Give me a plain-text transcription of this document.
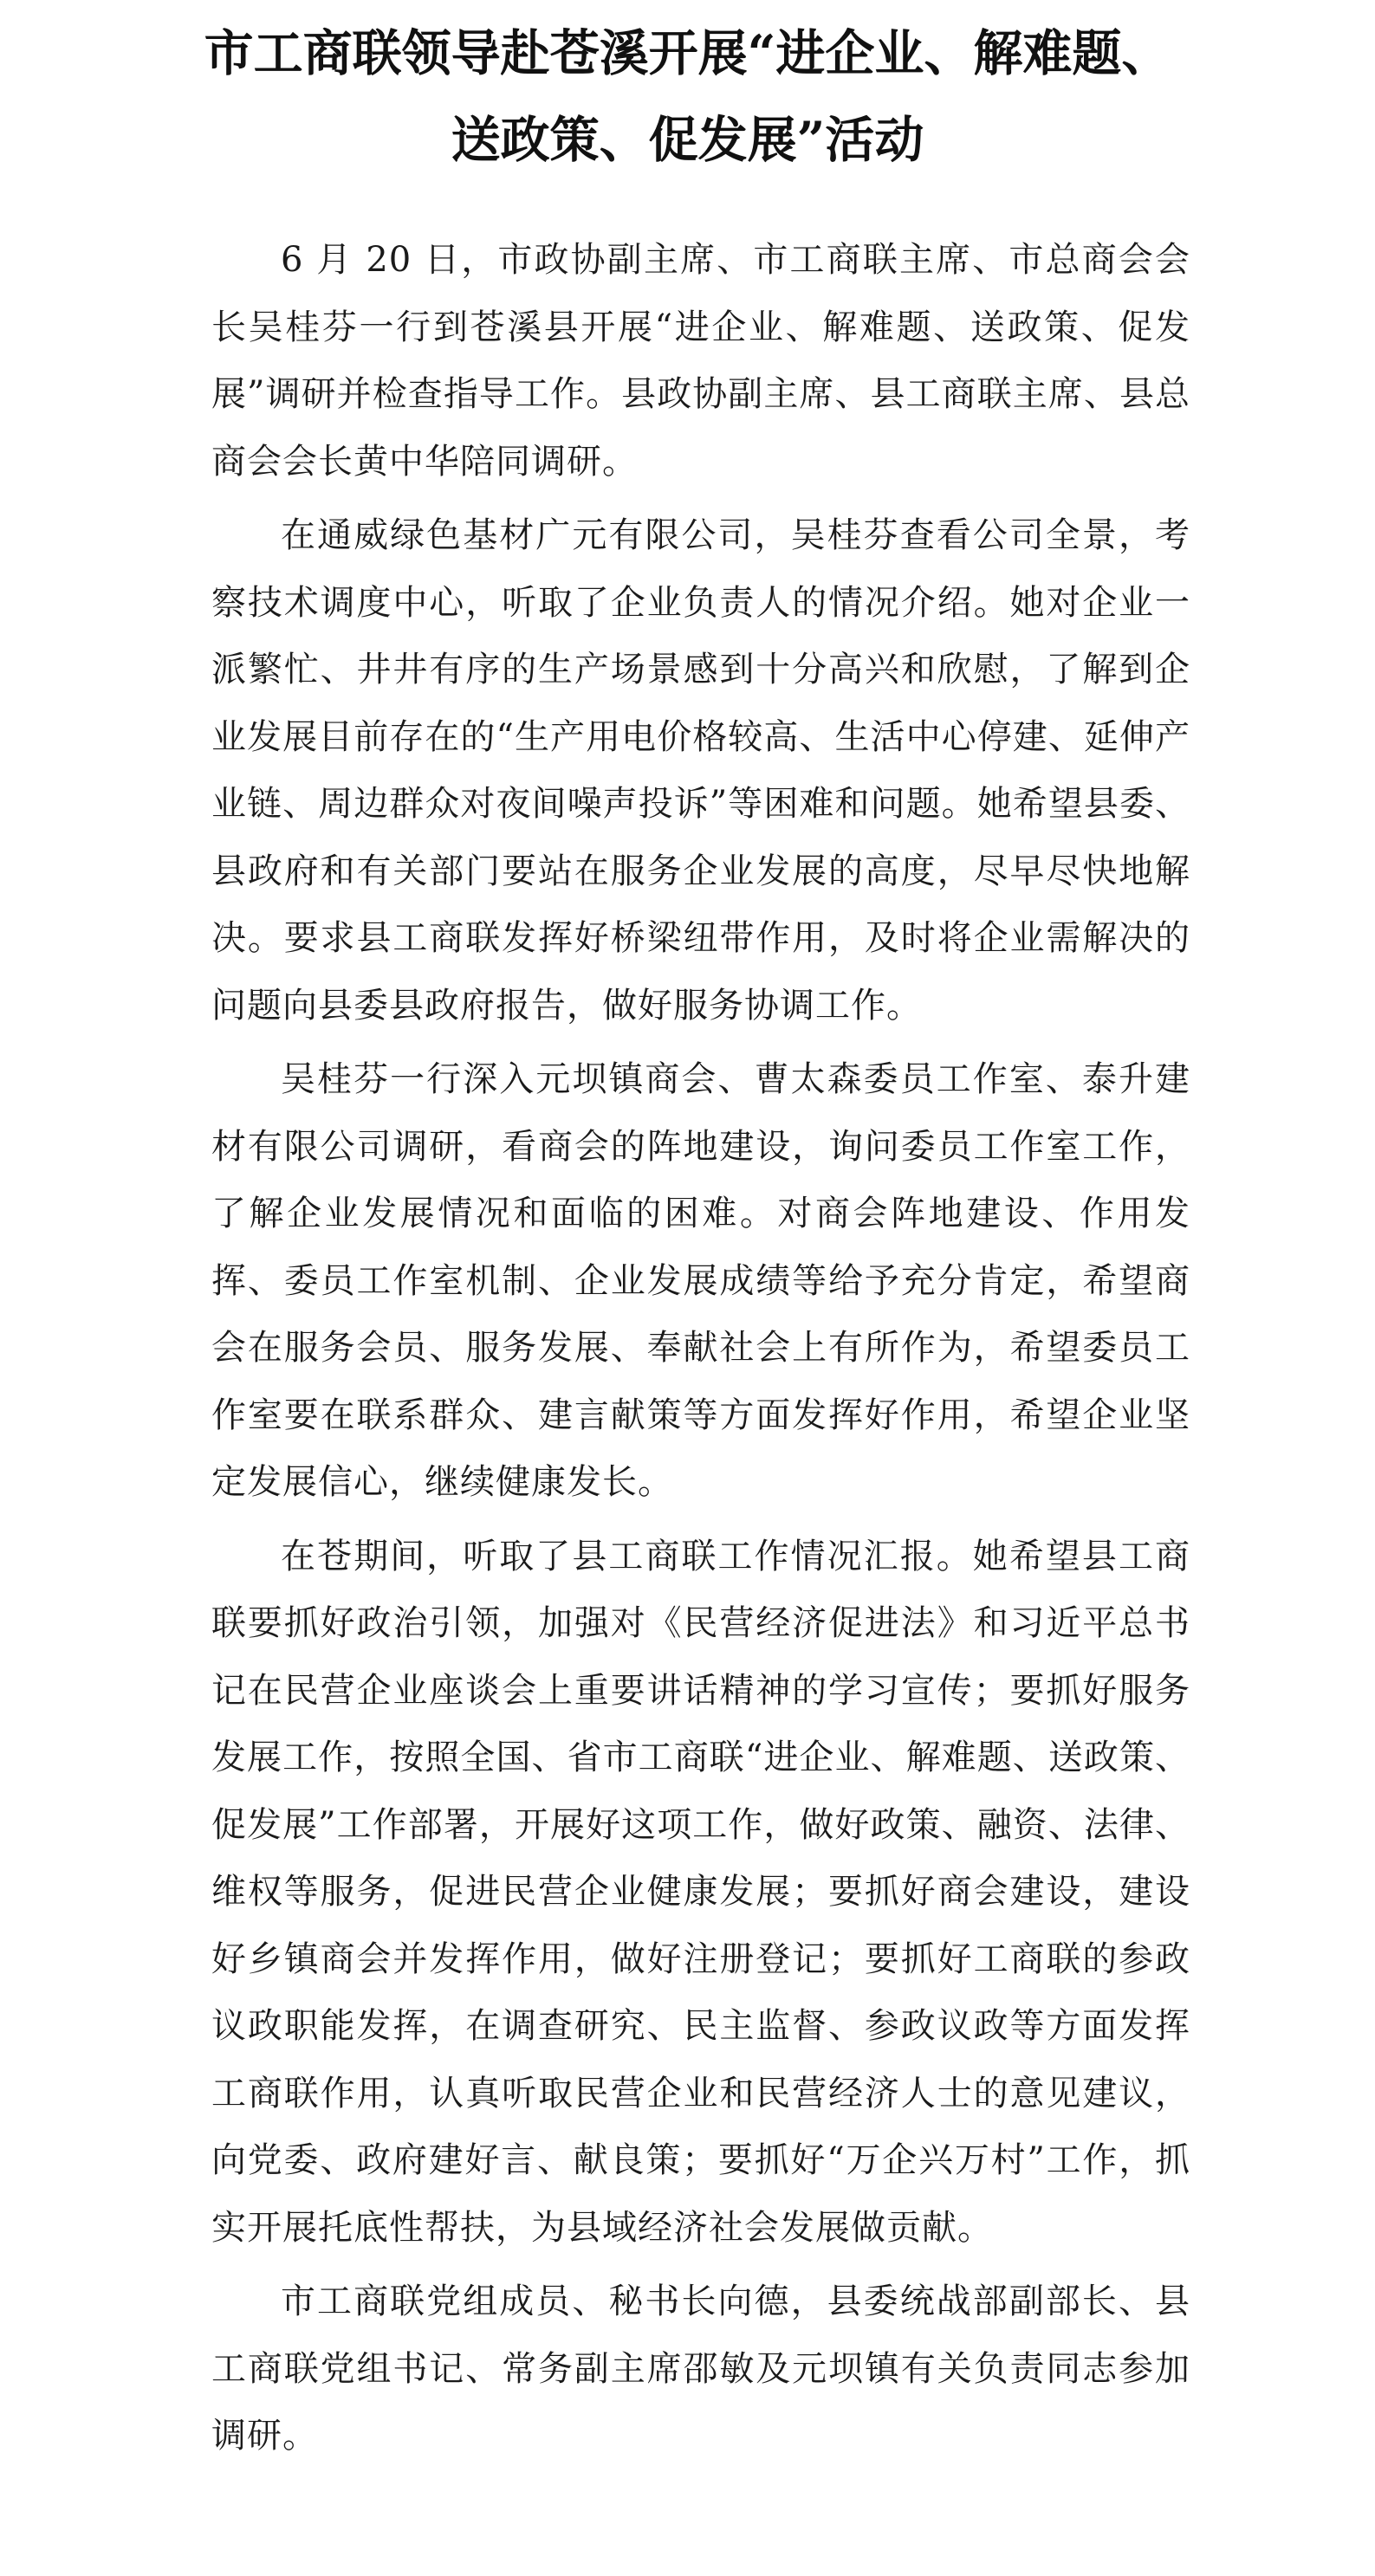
市工商联领导赴苍溪开展“进企业、解难题、
送政策、促发展”活动

6 月 20 日，市政协副主席、市工商联主席、市总商会会长吴桂芬一行到苍溪县开展“进企业、解难题、送政策、促发展”调研并检查指导工作。县政协副主席、县工商联主席、县总商会会长黄中华陪同调研。

在通威绿色基材广元有限公司，吴桂芬查看公司全景，考察技术调度中心，听取了企业负责人的情况介绍。她对企业一派繁忙、井井有序的生产场景感到十分高兴和欣慰，了解到企业发展目前存在的“生产用电价格较高、生活中心停建、延伸产业链、周边群众对夜间噪声投诉”等困难和问题。她希望县委、县政府和有关部门要站在服务企业发展的高度，尽早尽快地解决。要求县工商联发挥好桥梁纽带作用，及时将企业需解决的问题向县委县政府报告，做好服务协调工作。

吴桂芬一行深入元坝镇商会、曹太森委员工作室、泰升建材有限公司调研，看商会的阵地建设，询问委员工作室工作，了解企业发展情况和面临的困难。对商会阵地建设、作用发挥、委员工作室机制、企业发展成绩等给予充分肯定，希望商会在服务会员、服务发展、奉献社会上有所作为，希望委员工作室要在联系群众、建言献策等方面发挥好作用，希望企业坚定发展信心，继续健康发长。

在苍期间，听取了县工商联工作情况汇报。她希望县工商联要抓好政治引领，加强对《民营经济促进法》和习近平总书记在民营企业座谈会上重要讲话精神的学习宣传；要抓好服务发展工作，按照全国、省市工商联“进企业、解难题、送政策、促发展”工作部署，开展好这项工作，做好政策、融资、法律、维权等服务，促进民营企业健康发展；要抓好商会建设，建设好乡镇商会并发挥作用，做好注册登记；要抓好工商联的参政议政职能发挥，在调查研究、民主监督、参政议政等方面发挥工商联作用，认真听取民营企业和民营经济人士的意见建议，向党委、政府建好言、献良策；要抓好“万企兴万村”工作，抓实开展托底性帮扶，为县域经济社会发展做贡献。

市工商联党组成员、秘书长向德，县委统战部副部长、县工商联党组书记、常务副主席邵敏及元坝镇有关负责同志参加调研。
